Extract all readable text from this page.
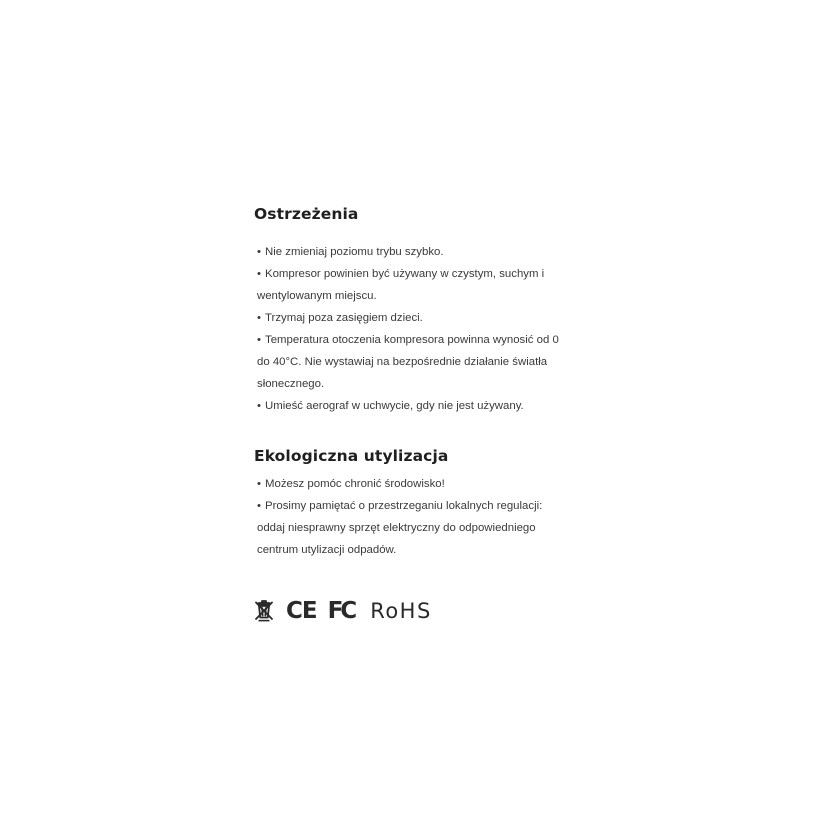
Ostrzeżenia
• Nie zmieniaj poziomu trybu szybko.
• Kompresor powinien być używany w czystym, suchym i
wentylowanym miejscu.
• Trzymaj poza zasięgiem dzieci.
• Temperatura otoczenia kompresora powinna wynosić od 0
do 40°C. Nie wystawiaj na bezpośrednie działanie światła
słonecznego.
• Umieść aerograf w uchwycie, gdy nie jest używany.
Ekologiczna utylizacja
• Możesz pomóc chronić środowisko!
• Prosimy pamiętać o przestrzeganiu lokalnych regulacji:
oddaj niesprawny sprzęt elektryczny do odpowiedniego
centrum utylizacji odpadów.
CE FC RoHS
